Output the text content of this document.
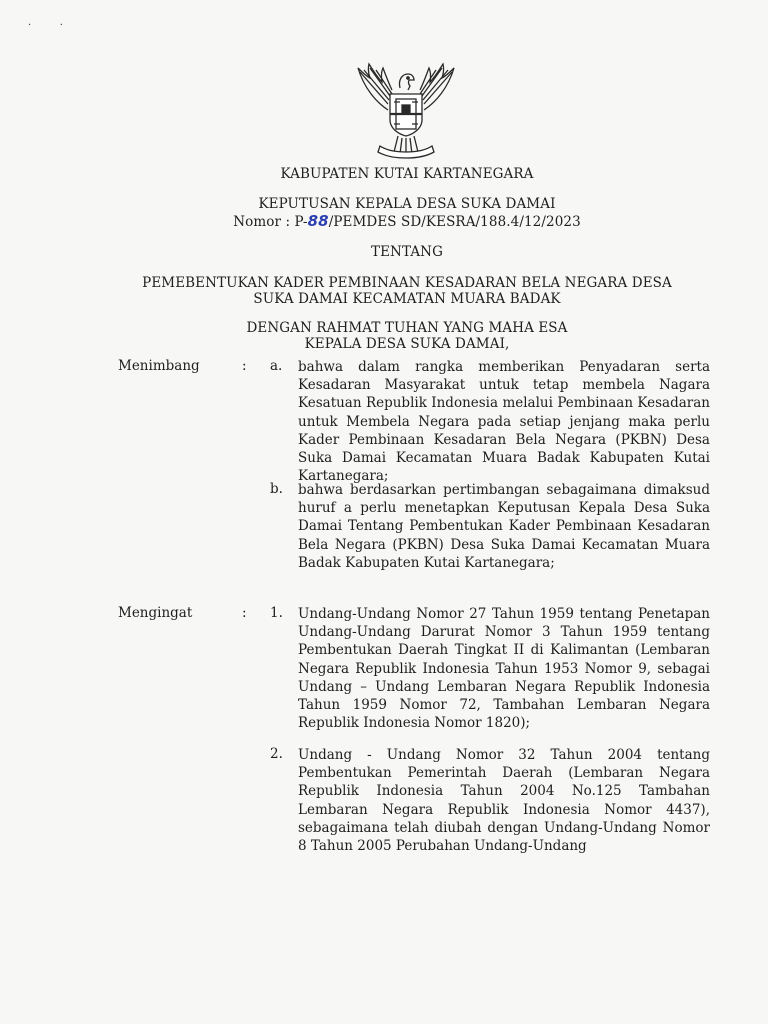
·         ·
KABUPATEN KUTAI KARTANEGARA
KEPUTUSAN KEPALA DESA SUKA DAMAI
Nomor : P-88/PEMDES SD/KESRA/188.4/12/2023
TENTANG
PEMEBENTUKAN KADER PEMBINAAN KESADARAN BELA NEGARA DESA
SUKA DAMAI KECAMATAN MUARA BADAK
DENGAN RAHMAT TUHAN YANG MAHA ESA
KEPALA DESA SUKA DAMAI,
Menimbang	: a. bahwa dalam rangka memberikan Penyadaran serta Kesadaran Masyarakat untuk tetap membela Nagara Kesatuan Republik Indonesia melalui Pembinaan Kesadaran untuk Membela Negara pada setiap jenjang maka perlu Kader Pembinaan Kesadaran Bela Negara (PKBN) Desa Suka Damai Kecamatan Muara Badak Kabupaten Kutai Kartanegara;
b. bahwa berdasarkan pertimbangan sebagaimana dimaksud huruf a perlu menetapkan Keputusan Kepala Desa Suka Damai Tentang Pembentukan Kader Pembinaan Kesadaran Bela Negara (PKBN) Desa Suka Damai Kecamatan Muara Badak Kabupaten Kutai Kartanegara;
Mengingat	: 1. Undang-Undang Nomor 27 Tahun 1959 tentang Penetapan Undang-Undang Darurat Nomor 3 Tahun 1959 tentang Pembentukan Daerah Tingkat II di Kalimantan (Lembaran Negara Republik Indonesia Tahun 1953 Nomor 9, sebagai Undang – Undang Lembaran Negara Republik Indonesia Tahun 1959 Nomor 72, Tambahan Lembaran Negara Republik Indonesia Nomor 1820);
2. Undang - Undang Nomor 32 Tahun 2004 tentang Pembentukan Pemerintah Daerah (Lembaran Negara Republik Indonesia Tahun 2004 No.125 Tambahan Lembaran Negara Republik Indonesia Nomor 4437), sebagaimana telah diubah dengan Undang-Undang Nomor 8 Tahun 2005 Perubahan Undang-Undang
